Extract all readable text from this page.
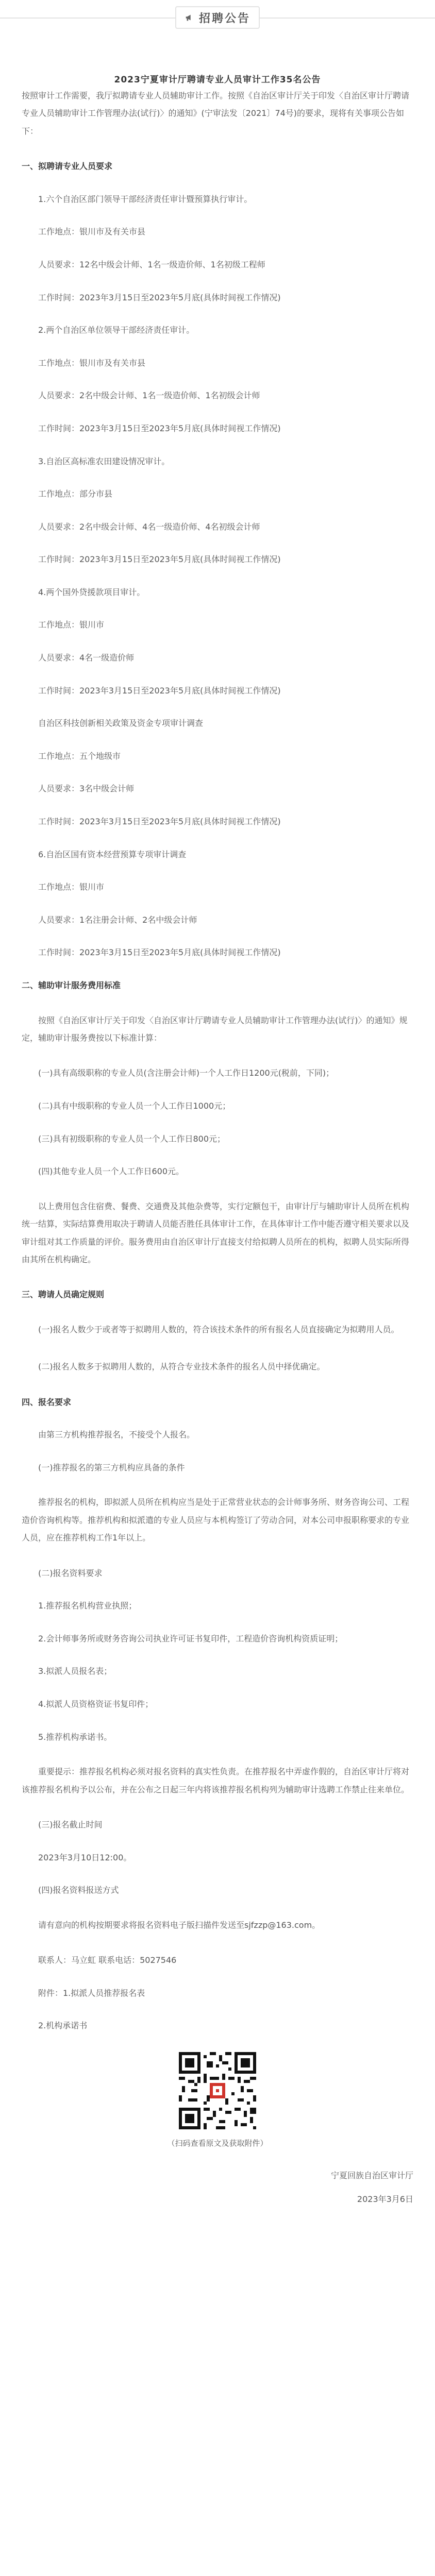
招聘公告

2023宁夏审计厅聘请专业人员审计工作35名公告

按照审计工作需要，我厅拟聘请专业人员辅助审计工作。按照《自治区审计厅关于印发〈自治区审计厅聘请专业人员辅助审计工作管理办法(试行)〉的通知》(宁审法发〔2021〕74号)的要求，现将有关事项公告如下：

一、拟聘请专业人员要求

1.六个自治区部门领导干部经济责任审计暨预算执行审计。

工作地点：银川市及有关市县

人员要求：12名中级会计师、1名一级造价师、1名初级工程师

工作时间：2023年3月15日至2023年5月底(具体时间视工作情况)

2.两个自治区单位领导干部经济责任审计。

工作地点：银川市及有关市县

人员要求：2名中级会计师、1名一级造价师、1名初级会计师

工作时间：2023年3月15日至2023年5月底(具体时间视工作情况)

3.自治区高标准农田建设情况审计。

工作地点：部分市县

人员要求：2名中级会计师、4名一级造价师、4名初级会计师

工作时间：2023年3月15日至2023年5月底(具体时间视工作情况)

4.两个国外贷援款项目审计。

工作地点：银川市

人员要求：4名一级造价师

工作时间：2023年3月15日至2023年5月底(具体时间视工作情况)

自治区科技创新相关政策及资金专项审计调查

工作地点：五个地级市

人员要求：3名中级会计师

工作时间：2023年3月15日至2023年5月底(具体时间视工作情况)

6.自治区国有资本经营预算专项审计调查

工作地点：银川市

人员要求：1名注册会计师、2名中级会计师

工作时间：2023年3月15日至2023年5月底(具体时间视工作情况)

二、辅助审计服务费用标准

按照《自治区审计厅关于印发〈自治区审计厅聘请专业人员辅助审计工作管理办法(试行)〉的通知》规定，辅助审计服务费按以下标准计算：

(一)具有高级职称的专业人员(含注册会计师)一个人工作日1200元(税前，下同)；

(二)具有中级职称的专业人员一个人工作日1000元；

(三)具有初级职称的专业人员一个人工作日800元；

(四)其他专业人员一个人工作日600元。

以上费用包含住宿费、餐费、交通费及其他杂费等，实行定额包干，由审计厅与辅助审计人员所在机构统一结算，实际结算费用取决于聘请人员能否胜任具体审计工作，在具体审计工作中能否遵守相关要求以及审计组对其工作质量的评价。服务费用由自治区审计厅直接支付给拟聘人员所在的机构，拟聘人员实际所得由其所在机构确定。

三、聘请人员确定规则

(一)报名人数少于或者等于拟聘用人数的，符合该技术条件的所有报名人员直接确定为拟聘用人员。

(二)报名人数多于拟聘用人数的，从符合专业技术条件的报名人员中择优确定。

四、报名要求

由第三方机构推荐报名，不接受个人报名。

(一)推荐报名的第三方机构应具备的条件

推荐报名的机构，即拟派人员所在机构应当是处于正常营业状态的会计师事务所、财务咨询公司、工程造价咨询机构等。推荐机构和拟派遣的专业人员应与本机构签订了劳动合同，对本公司申报职称要求的专业人员，应在推荐机构工作1年以上。

(二)报名资料要求

1.推荐报名机构营业执照；

2.会计师事务所或财务咨询公司执业许可证书复印件，工程造价咨询机构资质证明；

3.拟派人员报名表；

4.拟派人员资格资证书复印件；

5.推荐机构承诺书。

重要提示：推荐报名机构必须对报名资料的真实性负责。在推荐报名中弄虚作假的，自治区审计厅将对该推荐报名机构予以公布，并在公布之日起三年内将该推荐报名机构列为辅助审计选聘工作禁止往来单位。

(三)报名截止时间

2023年3月10日12:00。

(四)报名资料报送方式

请有意向的机构按期要求将报名资料电子版扫描件发送至sjfzzp@163.com。

联系人：马立虹 联系电话：5027546

附件：1.拟派人员推荐报名表

2.机构承诺书

（扫码查看原文及获取附件）

宁夏回族自治区审计厅

2023年3月6日
